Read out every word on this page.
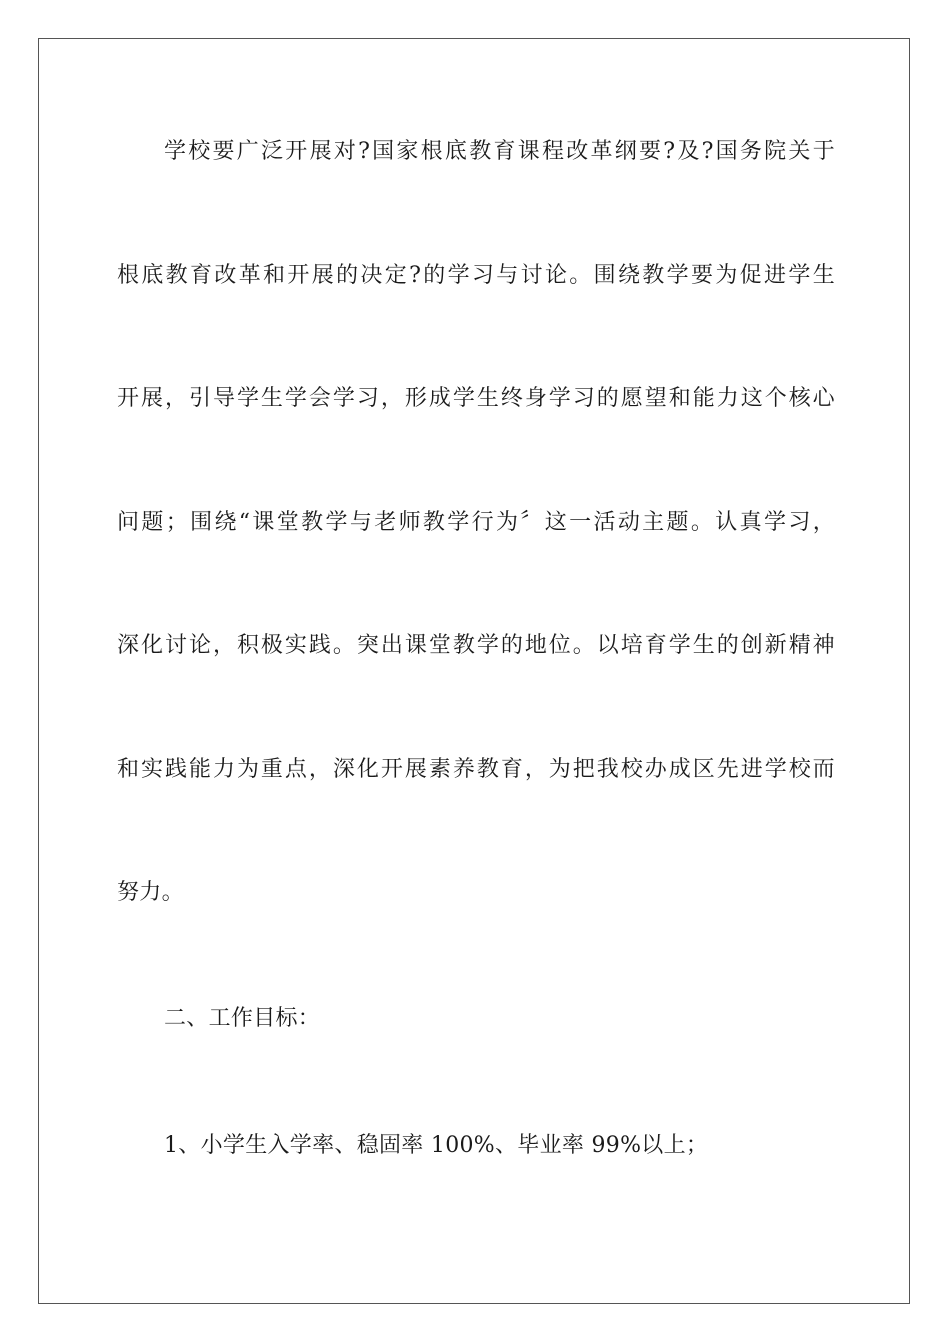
学校要广泛开展对?国家根底教育课程改革纲要?及?国务院关于
根底教育改革和开展的决定?的学习与讨论。围绕教学要为促进学生
开展，引导学生学会学习，形成学生终身学习的愿望和能力这个核心
问题；围绕“课堂教学与老师教学行为〞这一活动主题。认真学习，
深化讨论，积极实践。突出课堂教学的地位。以培育学生的创新精神
和实践能力为重点，深化开展素养教育，为把我校办成区先进学校而
努力。
二、工作目标：
1、小学生入学率、稳固率 100%、毕业率 99%以上；
